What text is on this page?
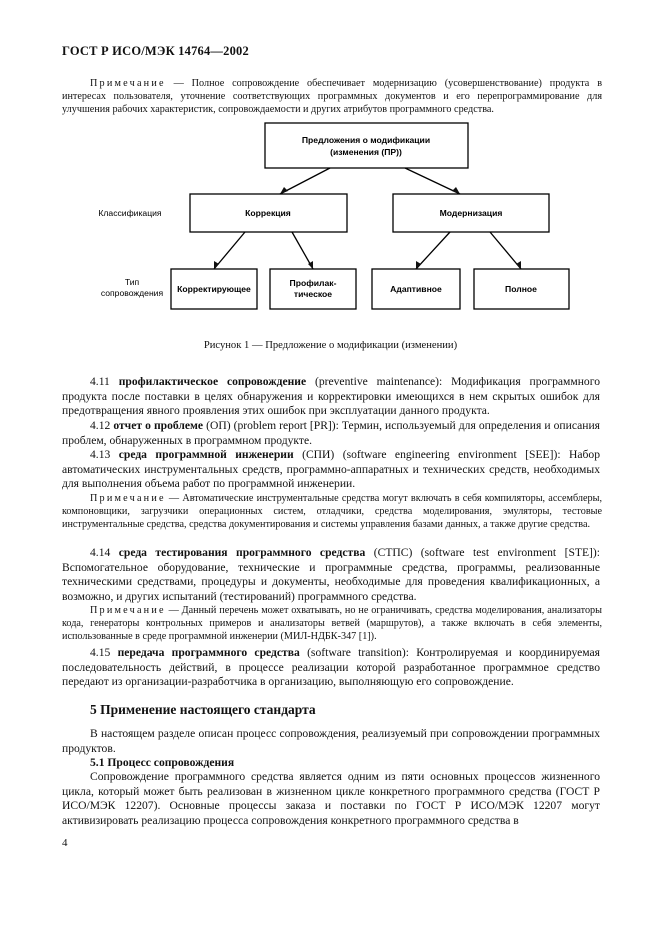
ГОСТ Р ИСО/МЭК 14764—2002
Примечание — Полное сопровождение обеспечивает модернизацию (усовершенствование) продукта в интересах пользователя, уточнение соответствующих программных документов и его перепрограммирование для улучшения рабочих характеристик, сопровождаемости и других атрибутов программного средства.
Предложения о модификации
(изменения (ПР))
Коррекция	Модернизация
Корректирующее
Профилак-
тическое	Адаптивное	Полное
Классификация
Тип
сопровождения
Рисунок 1 — Предложение о модификации (изменении)
4.11 профилактическое сопровождение (preventive maintenance): Модификация программного продукта после поставки в целях обнаружения и корректировки имеющихся в нем скрытых ошибок для предотвращения явного проявления этих ошибок при эксплуатации данного продукта.
4.12 отчет о проблеме (ОП) (problem report [PR]): Термин, используемый для определения и описания проблем, обнаруженных в программном продукте.
4.13 среда программной инженерии (СПИ) (software engineering environment [SEE]): Набор автоматических инструментальных средств, программно-аппаратных и технических средств, необходимых для выполнения объема работ по программной инженерии.
Примечание — Автоматические инструментальные средства могут включать в себя компиляторы, ассемблеры, компоновщики, загрузчики операционных систем, отладчики, средства моделирования, эмуляторы, тестовые инструментальные средства, средства документирования и системы управления базами данных, а также другие средства.
4.14 среда тестирования программного средства (СТПС) (software test environment [STE]): Вспомогательное оборудование, технические и программные средства, программы, реализованные техническими средствами, процедуры и документы, необходимые для проведения квалификационных, а возможно, и других испытаний (тестирований) программного средства.
Примечание — Данный перечень может охватывать, но не ограничивать, средства моделирования, анализаторы кода, генераторы контрольных примеров и анализаторы ветвей (маршрутов), а также включать в себя элементы, использованные в среде программной инженерии (МИЛ-НДБК-347 [1]).
4.15 передача программного средства (software transition): Контролируемая и координируемая последовательность действий, в процессе реализации которой разработанное программное средство передают из организации-разработчика в организацию, выполняющую его сопровождение.
5 Применение настоящего стандарта
В настоящем разделе описан процесс сопровождения, реализуемый при сопровождении программных продуктов.
5.1 Процесс сопровождения
Сопровождение программного средства является одним из пяти основных процессов жизненного цикла, который может быть реализован в жизненном цикле конкретного программного средства (ГОСТ Р ИСО/МЭК 12207). Основные процессы заказа и поставки по ГОСТ Р ИСО/МЭК 12207 могут активизировать реализацию процесса сопровождения конкретного программного средства в
4
